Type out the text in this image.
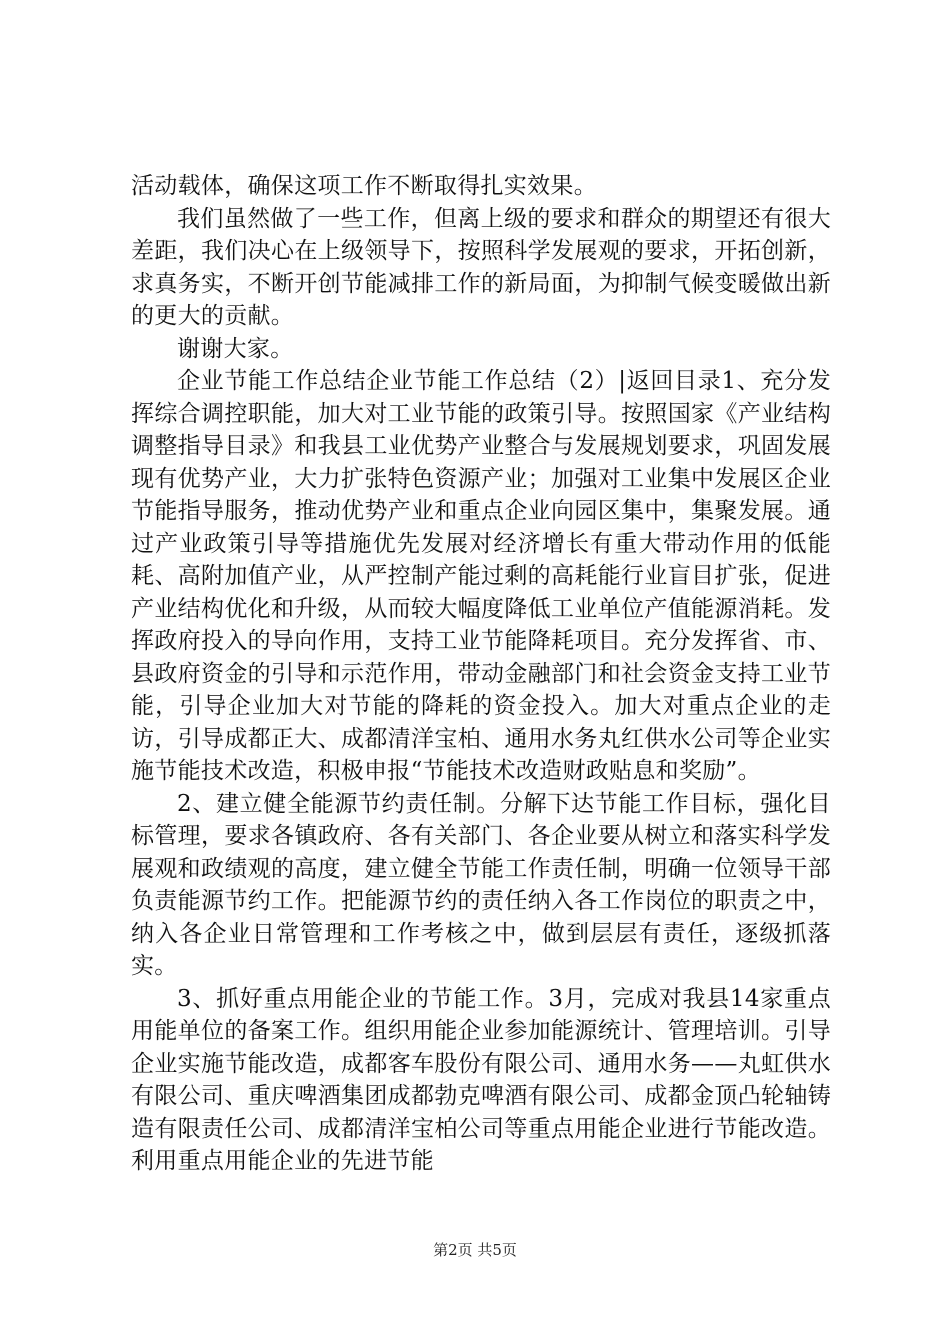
活动载体，确保这项工作不断取得扎实效果。

我们虽然做了一些工作，但离上级的要求和群众的期望还有很大差距，我们决心在上级领导下，按照科学发展观的要求，开拓创新，求真务实，不断开创节能减排工作的新局面，为抑制气候变暖做出新的更大的贡献。

谢谢大家。

企业节能工作总结企业节能工作总结（2）|返回目录1、充分发挥综合调控职能，加大对工业节能的政策引导。按照国家《产业结构调整指导目录》和我县工业优势产业整合与发展规划要求，巩固发展现有优势产业，大力扩张特色资源产业；加强对工业集中发展区企业节能指导服务，推动优势产业和重点企业向园区集中，集聚发展。通过产业政策引导等措施优先发展对经济增长有重大带动作用的低能耗、高附加值产业，从严控制产能过剩的高耗能行业盲目扩张，促进产业结构优化和升级，从而较大幅度降低工业单位产值能源消耗。发挥政府投入的导向作用，支持工业节能降耗项目。充分发挥省、市、县政府资金的引导和示范作用，带动金融部门和社会资金支持工业节能，引导企业加大对节能的降耗的资金投入。加大对重点企业的走访，引导成都正大、成都清洋宝柏、通用水务丸红供水公司等企业实施节能技术改造，积极申报“节能技术改造财政贴息和奖励”。

2、建立健全能源节约责任制。分解下达节能工作目标，强化目标管理，要求各镇政府、各有关部门、各企业要从树立和落实科学发展观和政绩观的高度，建立健全节能工作责任制，明确一位领导干部负责能源节约工作。把能源节约的责任纳入各工作岗位的职责之中，纳入各企业日常管理和工作考核之中，做到层层有责任，逐级抓落实。

3、抓好重点用能企业的节能工作。3月，完成对我县14家重点用能单位的备案工作。组织用能企业参加能源统计、管理培训。引导企业实施节能改造，成都客车股份有限公司、通用水务——丸虹供水有限公司、重庆啤酒集团成都勃克啤酒有限公司、成都金顶凸轮轴铸造有限责任公司、成都清洋宝柏公司等重点用能企业进行节能改造。利用重点用能企业的先进节能

第2页 共5页
